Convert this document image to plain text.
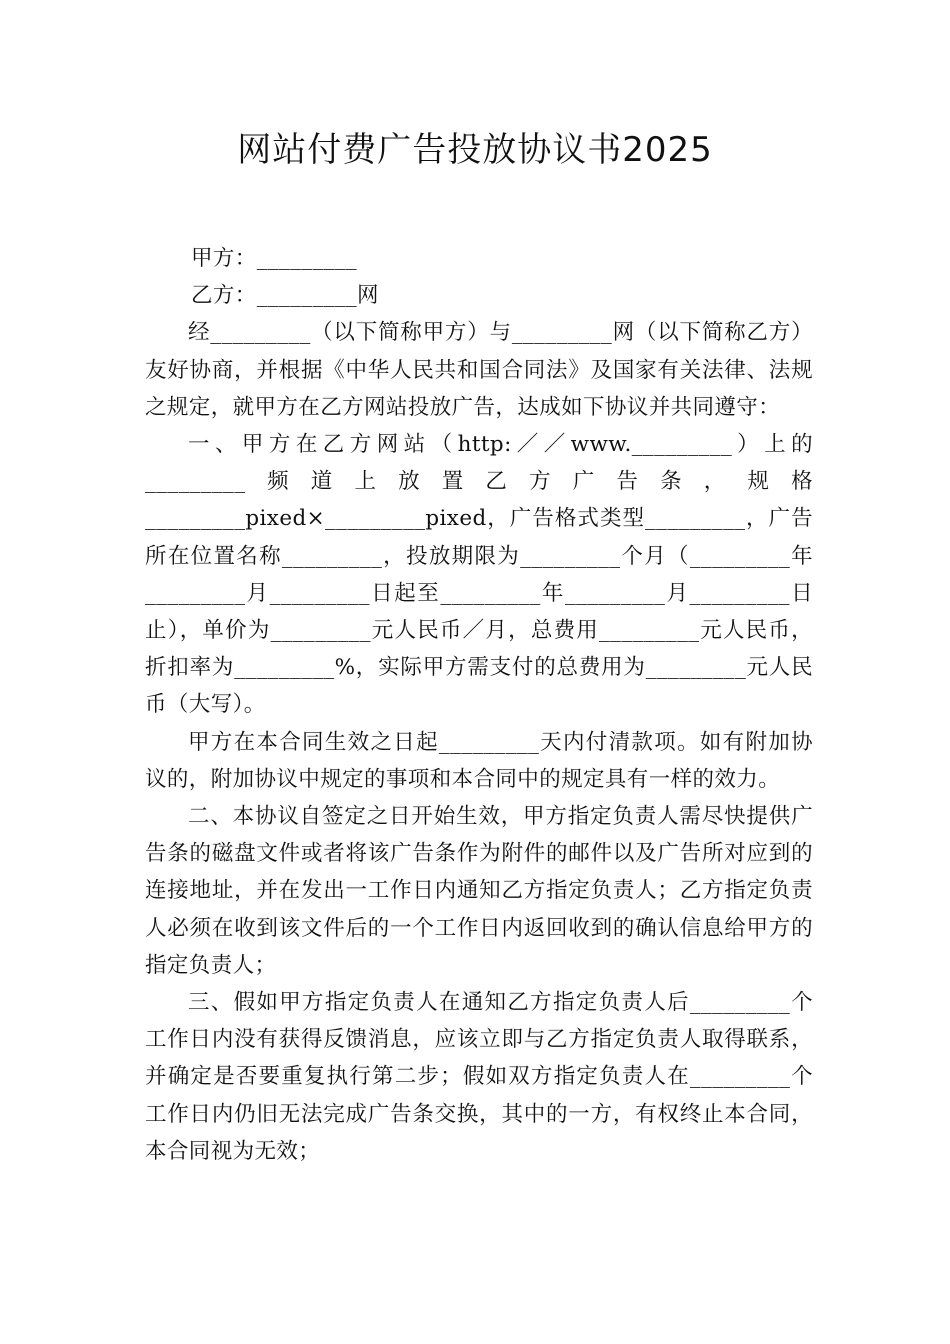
网站付费广告投放协议书2025

甲方：_________

乙方：_________网

经_________（以下简称甲方）与_________网（以下简称乙方）友好协商，并根据《中华人民共和国合同法》及国家有关法律、法规之规定，就甲方在乙方网站投放广告，达成如下协议并共同遵守：

一、甲方在乙方网站（http:／／www._________）上的_________频道上放置乙方广告条，规格_________pixed×_________pixed，广告格式类型_________，广告所在位置名称_________，投放期限为_________个月（_________年_________月_________日起至_________年_________月_________日止），单价为_________元人民币／月，总费用_________元人民币，折扣率为_________%，实际甲方需支付的总费用为_________元人民币（大写）。

甲方在本合同生效之日起_________天内付清款项。如有附加协议的，附加协议中规定的事项和本合同中的规定具有一样的效力。

二、本协议自签定之日开始生效，甲方指定负责人需尽快提供广告条的磁盘文件或者将该广告条作为附件的邮件以及广告所对应到的连接地址，并在发出一工作日内通知乙方指定负责人；乙方指定负责人必须在收到该文件后的一个工作日内返回收到的确认信息给甲方的指定负责人；

三、假如甲方指定负责人在通知乙方指定负责人后_________个工作日内没有获得反馈消息，应该立即与乙方指定负责人取得联系，并确定是否要重复执行第二步；假如双方指定负责人在_________个工作日内仍旧无法完成广告条交换，其中的一方，有权终止本合同，本合同视为无效；
